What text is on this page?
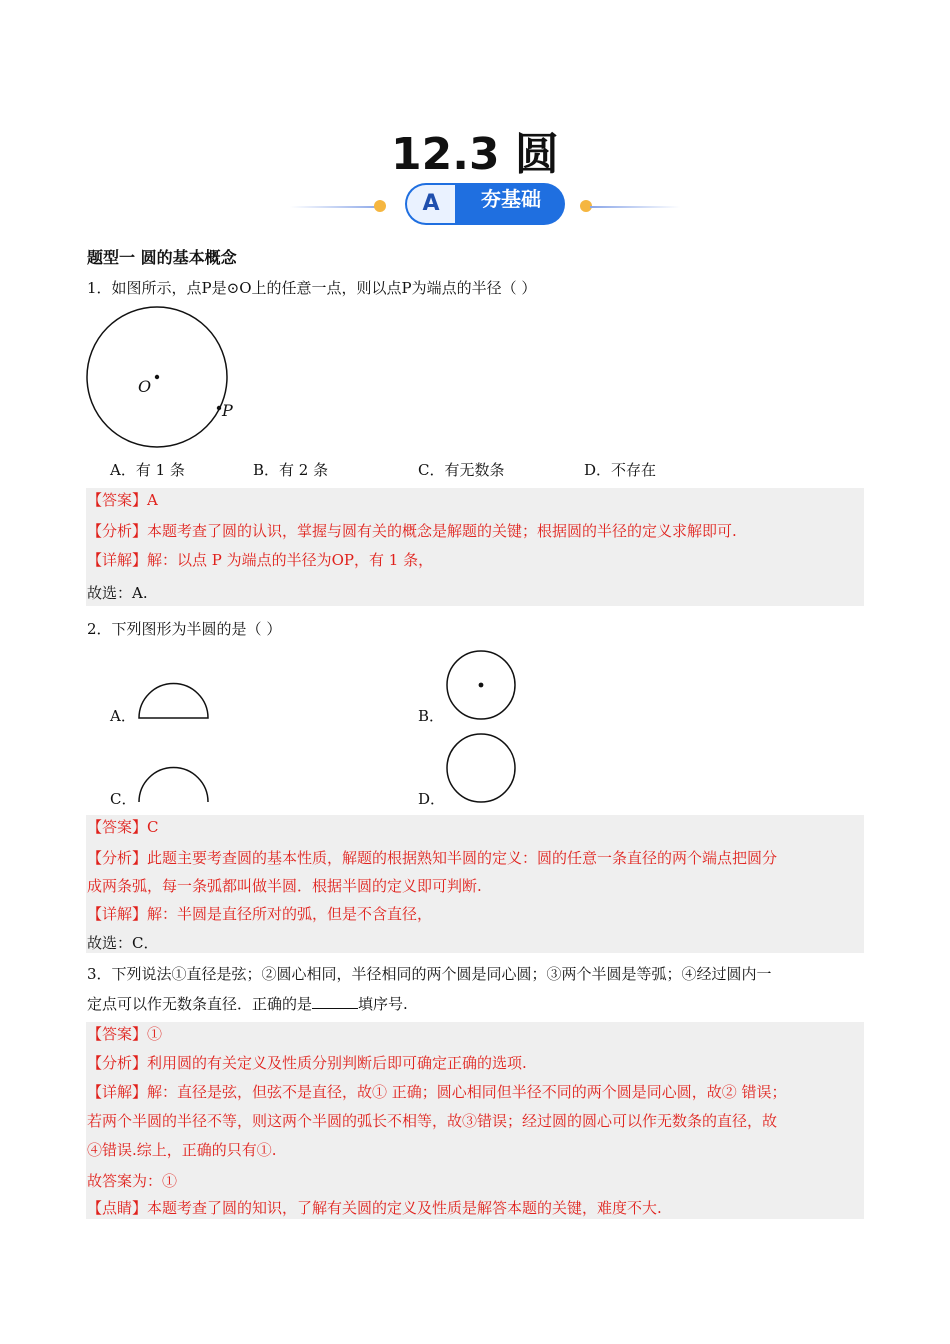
12.3 圆
A	夯基础
题型一 圆的基本概念
1．如图所示，点P是⊙O上的任意一点，则以点P为端点的半径（ ）
O
P
A．有 1 条	B．有 2 条	C．有无数条	D．不存在
【答案】A
【分析】本题考查了圆的认识，掌握与圆有关的概念是解题的关键；根据圆的半径的定义求解即可.
【详解】解：以点 P 为端点的半径为OP，有 1 条，
故选：A.
2．下列图形为半圆的是（ ）
A．	B．
C．	D．
【答案】C
【分析】此题主要考查圆的基本性质，解题的根据熟知半圆的定义：圆的任意一条直径的两个端点把圆分
成两条弧，每一条弧都叫做半圆．根据半圆的定义即可判断.
【详解】解：半圆是直径所对的弧，但是不含直径，
故选：C．
3．下列说法①直径是弦；②圆心相同，半径相同的两个圆是同心圆；③两个半圆是等弧；④经过圆内一
定点可以作无数条直径．正确的是	填序号.
【答案】①
【分析】利用圆的有关定义及性质分别判断后即可确定正确的选项.
【详解】解：直径是弦，但弦不是直径，故① 正确；圆心相同但半径不同的两个圆是同心圆，故② 错误；
若两个半圆的半径不等，则这两个半圆的弧长不相等，故③错误；经过圆的圆心可以作无数条的直径，故
④错误.综上，正确的只有①.
故答案为：①
【点睛】本题考查了圆的知识，了解有关圆的定义及性质是解答本题的关键，难度不大.
